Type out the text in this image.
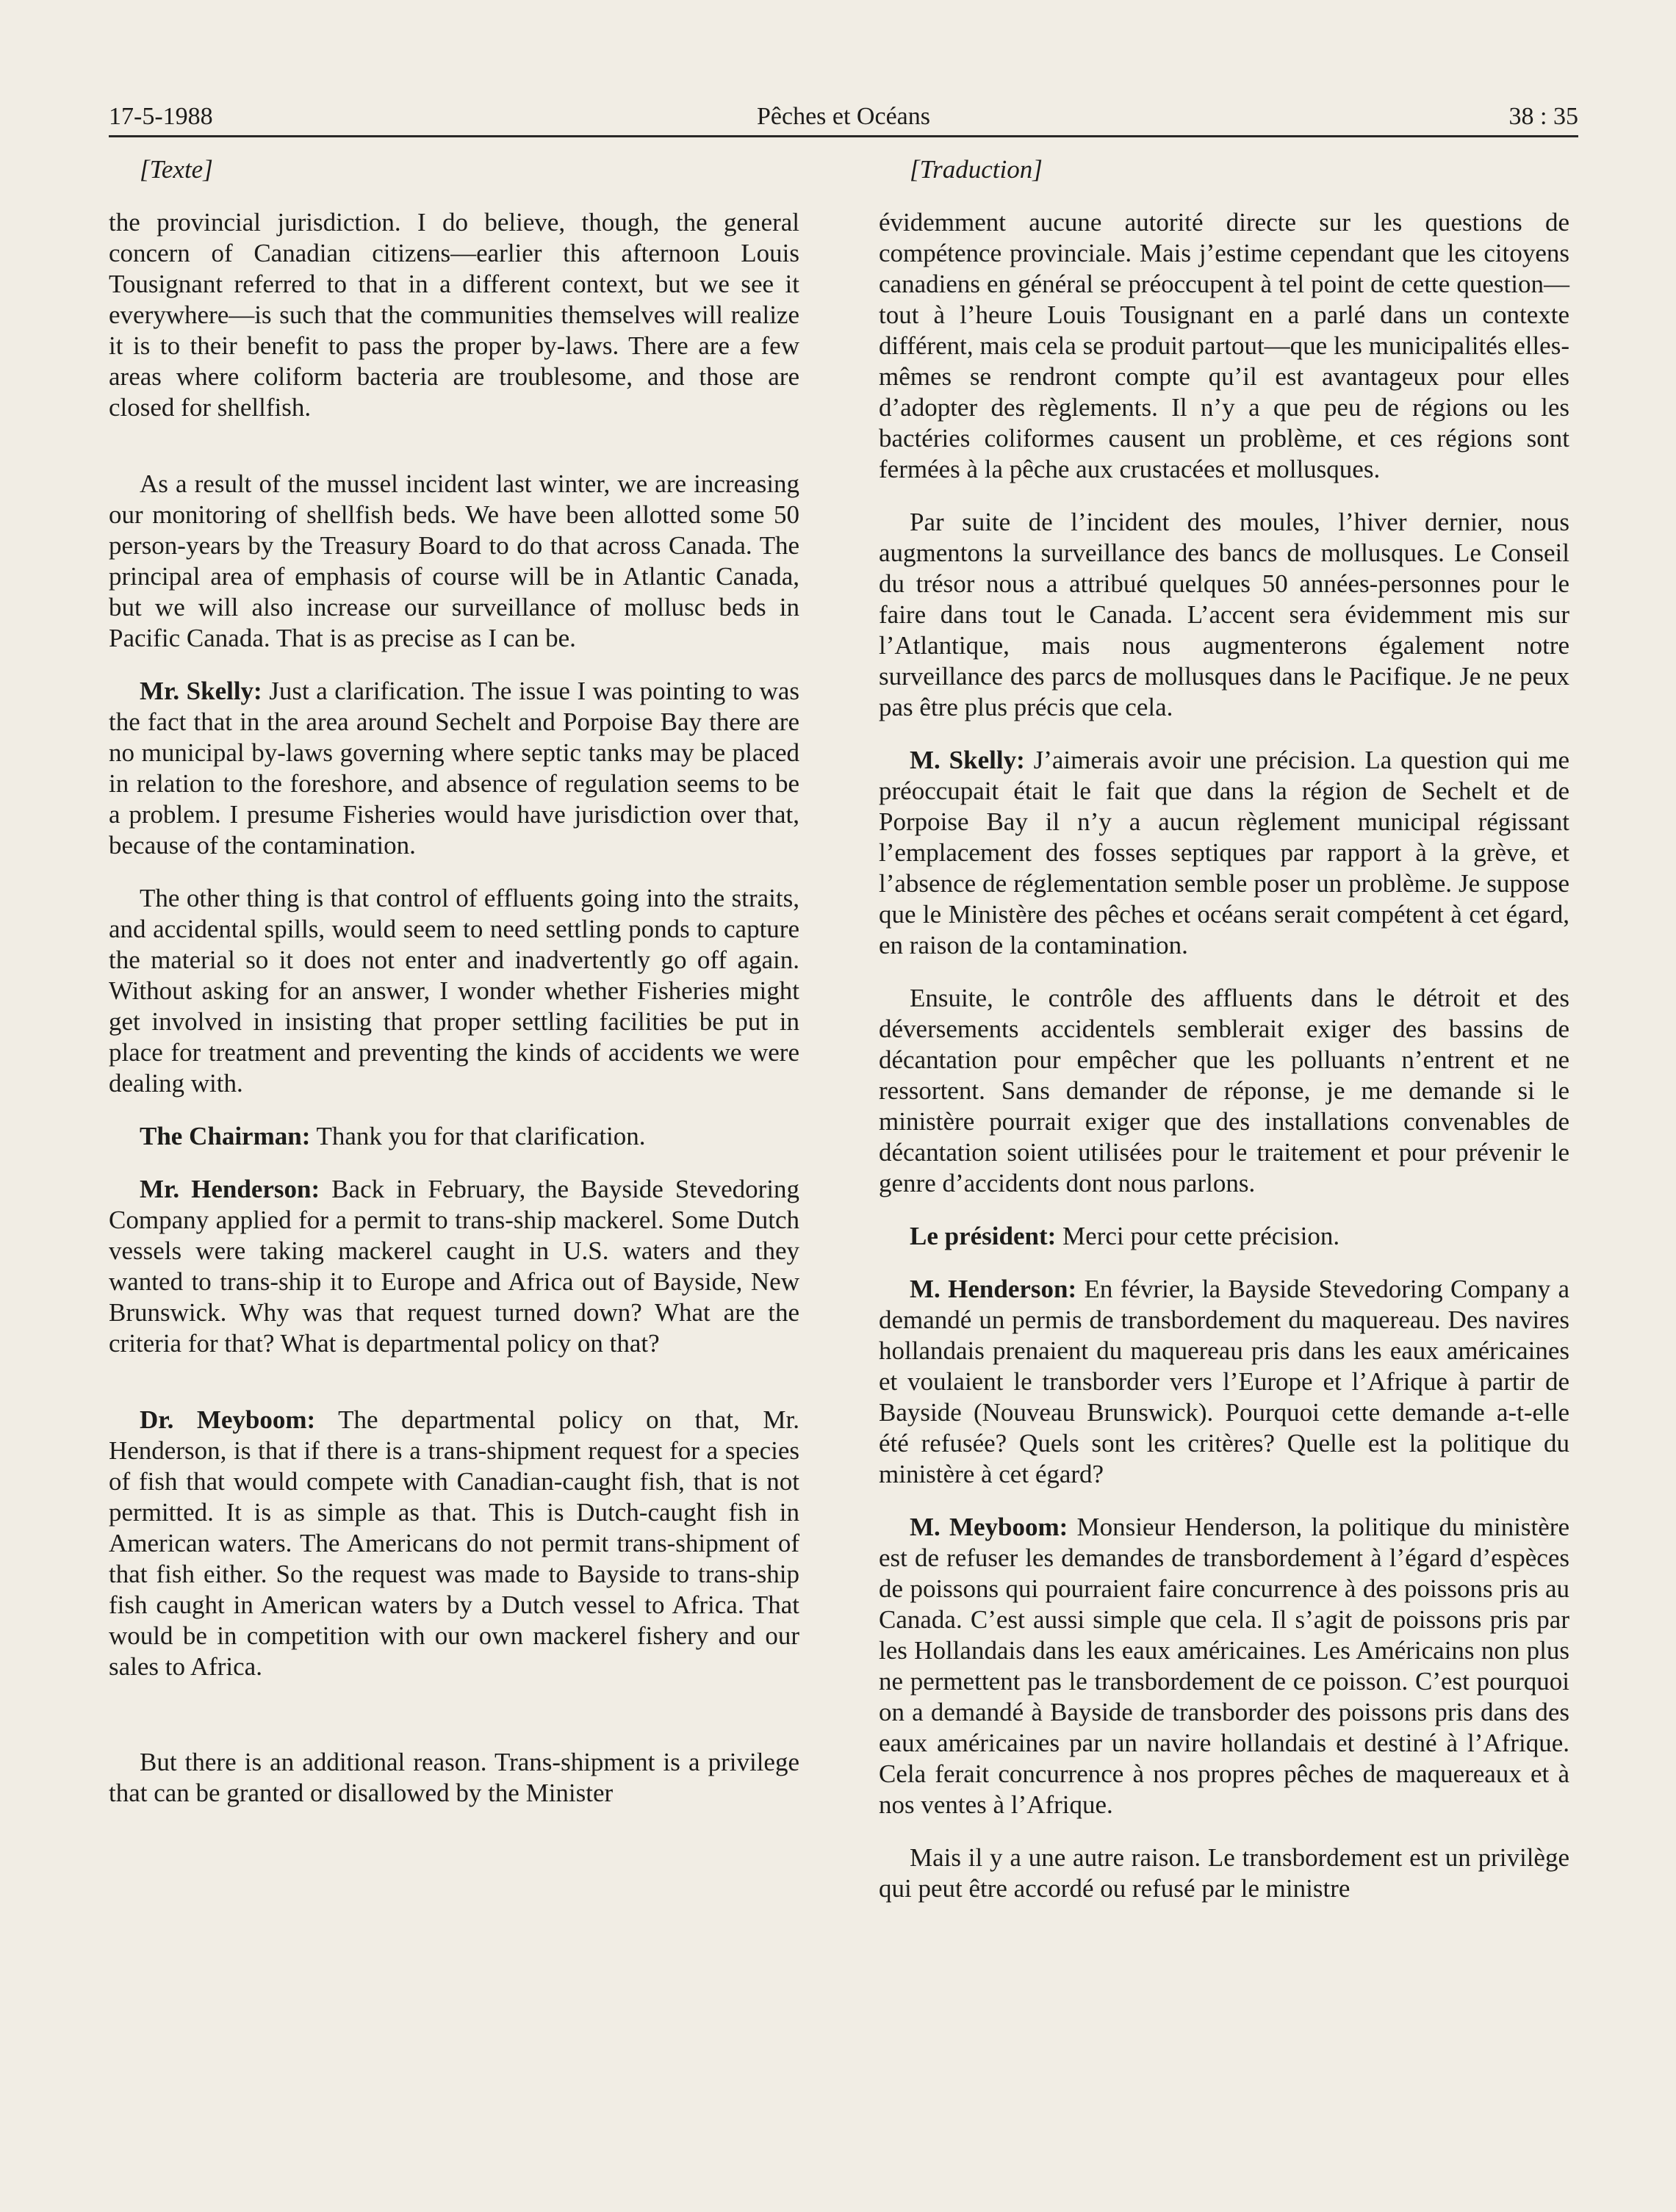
17-5-1988	Pêches et Océans	38 : 35

[Texte]

the provincial jurisdiction. I do believe, though, the general concern of Canadian citizens—earlier this afternoon Louis Tousignant referred to that in a different context, but we see it everywhere—is such that the communities themselves will realize it is to their benefit to pass the proper by-laws. There are a few areas where coliform bacteria are troublesome, and those are closed for shellfish.

As a result of the mussel incident last winter, we are increasing our monitoring of shellfish beds. We have been allotted some 50 person-years by the Treasury Board to do that across Canada. The principal area of emphasis of course will be in Atlantic Canada, but we will also increase our surveillance of mollusc beds in Pacific Canada. That is as precise as I can be.

Mr. Skelly: Just a clarification. The issue I was pointing to was the fact that in the area around Sechelt and Porpoise Bay there are no municipal by-laws governing where septic tanks may be placed in relation to the foreshore, and absence of regulation seems to be a problem. I presume Fisheries would have jurisdiction over that, because of the contamination.

The other thing is that control of effluents going into the straits, and accidental spills, would seem to need settling ponds to capture the material so it does not enter and inadvertently go off again. Without asking for an answer, I wonder whether Fisheries might get involved in insisting that proper settling facilities be put in place for treatment and preventing the kinds of accidents we were dealing with.

The Chairman: Thank you for that clarification.

Mr. Henderson: Back in February, the Bayside Stevedoring Company applied for a permit to trans-ship mackerel. Some Dutch vessels were taking mackerel caught in U.S. waters and they wanted to trans-ship it to Europe and Africa out of Bayside, New Brunswick. Why was that request turned down? What are the criteria for that? What is departmental policy on that?

Dr. Meyboom: The departmental policy on that, Mr. Henderson, is that if there is a trans-shipment request for a species of fish that would compete with Canadian-caught fish, that is not permitted. It is as simple as that. This is Dutch-caught fish in American waters. The Americans do not permit trans-shipment of that fish either. So the request was made to Bayside to trans-ship fish caught in American waters by a Dutch vessel to Africa. That would be in competition with our own mackerel fishery and our sales to Africa.

But there is an additional reason. Trans-shipment is a privilege that can be granted or disallowed by the Minister

[Traduction]

évidemment aucune autorité directe sur les questions de compétence provinciale. Mais j’estime cependant que les citoyens canadiens en général se préoccupent à tel point de cette question—tout à l’heure Louis Tousignant en a parlé dans un contexte différent, mais cela se produit partout—que les municipalités elles-mêmes se rendront compte qu’il est avantageux pour elles d’adopter des règlements. Il n’y a que peu de régions ou les bactéries coliformes causent un problème, et ces régions sont fermées à la pêche aux crustacées et mollusques.

Par suite de l’incident des moules, l’hiver dernier, nous augmentons la surveillance des bancs de mollusques. Le Conseil du trésor nous a attribué quelques 50 années-personnes pour le faire dans tout le Canada. L’accent sera évidemment mis sur l’Atlantique, mais nous augmenterons également notre surveillance des parcs de mollusques dans le Pacifique. Je ne peux pas être plus précis que cela.

M. Skelly: J’aimerais avoir une précision. La question qui me préoccupait était le fait que dans la région de Sechelt et de Porpoise Bay il n’y a aucun règlement municipal régissant l’emplacement des fosses septiques par rapport à la grève, et l’absence de réglementation semble poser un problème. Je suppose que le Ministère des pêches et océans serait compétent à cet égard, en raison de la contamination.

Ensuite, le contrôle des affluents dans le détroit et des déversements accidentels semblerait exiger des bassins de décantation pour empêcher que les polluants n’entrent et ne ressortent. Sans demander de réponse, je me demande si le ministère pourrait exiger que des installations convenables de décantation soient utilisées pour le traitement et pour prévenir le genre d’accidents dont nous parlons.

Le président: Merci pour cette précision.

M. Henderson: En février, la Bayside Stevedoring Company a demandé un permis de transbordement du maquereau. Des navires hollandais prenaient du maquereau pris dans les eaux américaines et voulaient le transborder vers l’Europe et l’Afrique à partir de Bayside (Nouveau Brunswick). Pourquoi cette demande a-t-elle été refusée? Quels sont les critères? Quelle est la politique du ministère à cet égard?

M. Meyboom: Monsieur Henderson, la politique du ministère est de refuser les demandes de transbordement à l’égard d’espèces de poissons qui pourraient faire concurrence à des poissons pris au Canada. C’est aussi simple que cela. Il s’agit de poissons pris par les Hollandais dans les eaux américaines. Les Américains non plus ne permettent pas le transbordement de ce poisson. C’est pourquoi on a demandé à Bayside de transborder des poissons pris dans des eaux américaines par un navire hollandais et destiné à l’Afrique. Cela ferait concurrence à nos propres pêches de maquereaux et à nos ventes à l’Afrique.

Mais il y a une autre raison. Le transbordement est un privilège qui peut être accordé ou refusé par le ministre
